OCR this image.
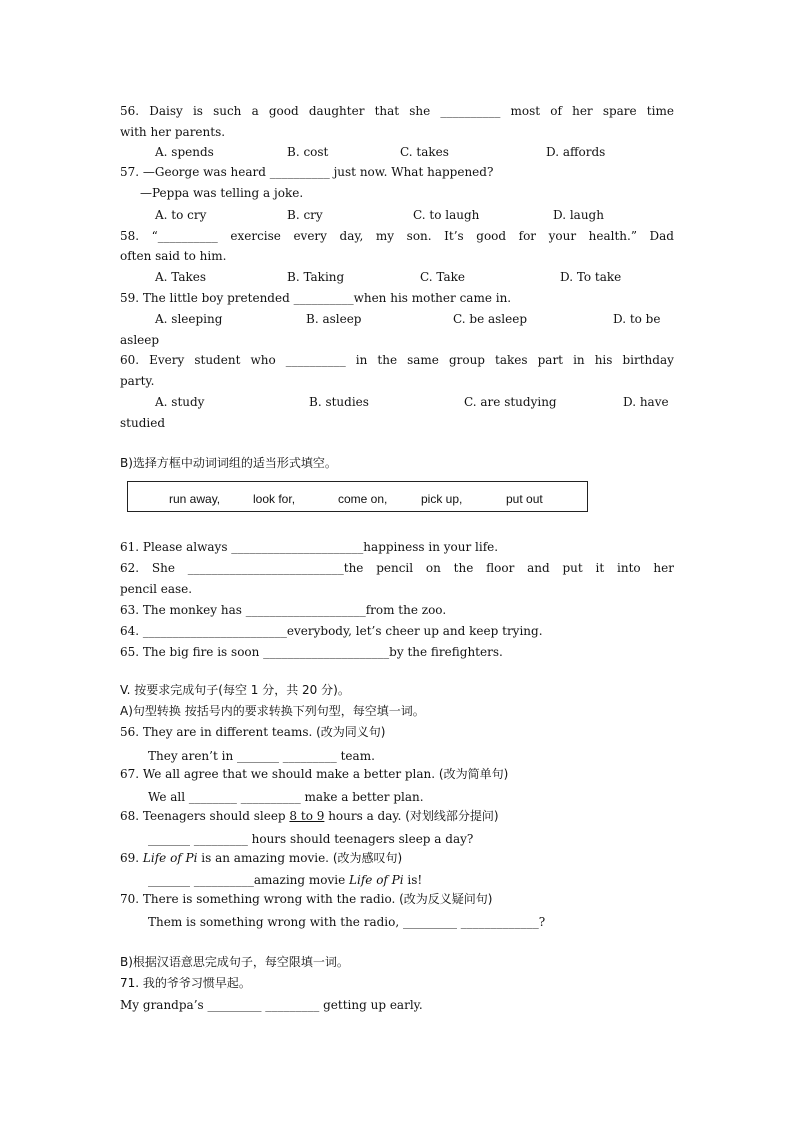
56. Daisy is such a good daughter that she __________ most of her spare time
with her parents.
A. spends	B. cost	C. takes	D. affords
57. —George was heard __________ just now. What happened?
—Peppa was telling a joke.
A. to cry	B. cry	C. to laugh	D. laugh
58. “__________ exercise every day, my son. It’s good for your health.” Dad
often said to him.
A. Takes	B. Taking	C. Take	D. To take
59. The little boy pretended __________when his mother came in.
A. sleeping	B. asleep	C. be asleep	D. to be
asleep
60. Every student who __________ in the same group takes part in his birthday
party.
A. study	B. studies	C. are studying	D. have
studied
B)选择方框中动词词组的适当形式填空。
run away,	look for,	come on,	pick up,	put out
61. Please always ______________________happiness in your life.
62. She __________________________the pencil on the floor and put it into her
pencil ease.
63. The monkey has ____________________from the zoo.
64. ________________________everybody, let’s cheer up and keep trying.
65. The big fire is soon _____________________by the firefighters.
V. 按要求完成句子(每空 1 分，共 20 分)。
A)句型转换 按括号内的要求转换下列句型，每空填一词。
56. They are in different teams. (改为同义句)
They aren’t in _______ _________ team.
67. We all agree that we should make a better plan. (改为简单句)
We all ________ __________ make a better plan.
68. Teenagers should sleep 8 to 9 hours a day. (对划线部分提问)
_______ _________ hours should teenagers sleep a day?
69. Life of Pi is an amazing movie. (改为感叹句)
_______ __________amazing movie Life of Pi is!
70. There is something wrong with the radio. (改为反义疑问句)
Them is something wrong with the radio, _________ _____________?
B)根据汉语意思完成句子，每空限填一词。
71. 我的爷爷习惯早起。
My grandpa’s _________ _________ getting up early.
